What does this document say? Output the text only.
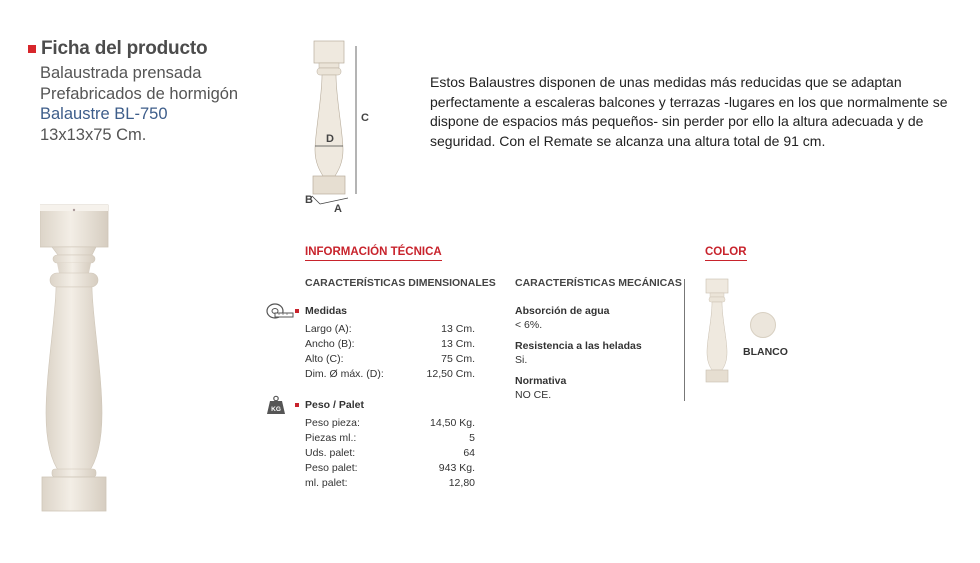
Ficha del producto
Balaustrada prensada
Prefabricados de hormigón
Balaustre BL-750
13x13x75 Cm.
C
D
B
A

Estos Balaustres disponen de unas medidas más reducidas que se adaptan perfectamente a escaleras balcones y terrazas -lugares en los que normalmente se dispone de espacios más pequeños- sin perder por ello la altura adecuada y de seguridad. Con el Remate se alcanza una altura total de 91 cm.

INFORMACIÓN TÉCNICA
CARACTERÍSTICAS DIMENSIONALES CARACTERÍSTICAS MECÁNICAS
Medidas
Largo (A):	13 Cm.
Ancho (B):	13 Cm.
Alto (C):	75 Cm.
Dim. Ø máx. (D):	12,50 Cm.
KG Peso / Palet
Peso pieza:	14,50 Kg.
Piezas ml.:	5
Uds. palet:	64
Peso palet:	943 Kg.
ml. palet:	12,80
Absorción de agua
< 6%.
Resistencia a las heladas
Si.
Normativa
NO CE.
COLOR
BLANCO
